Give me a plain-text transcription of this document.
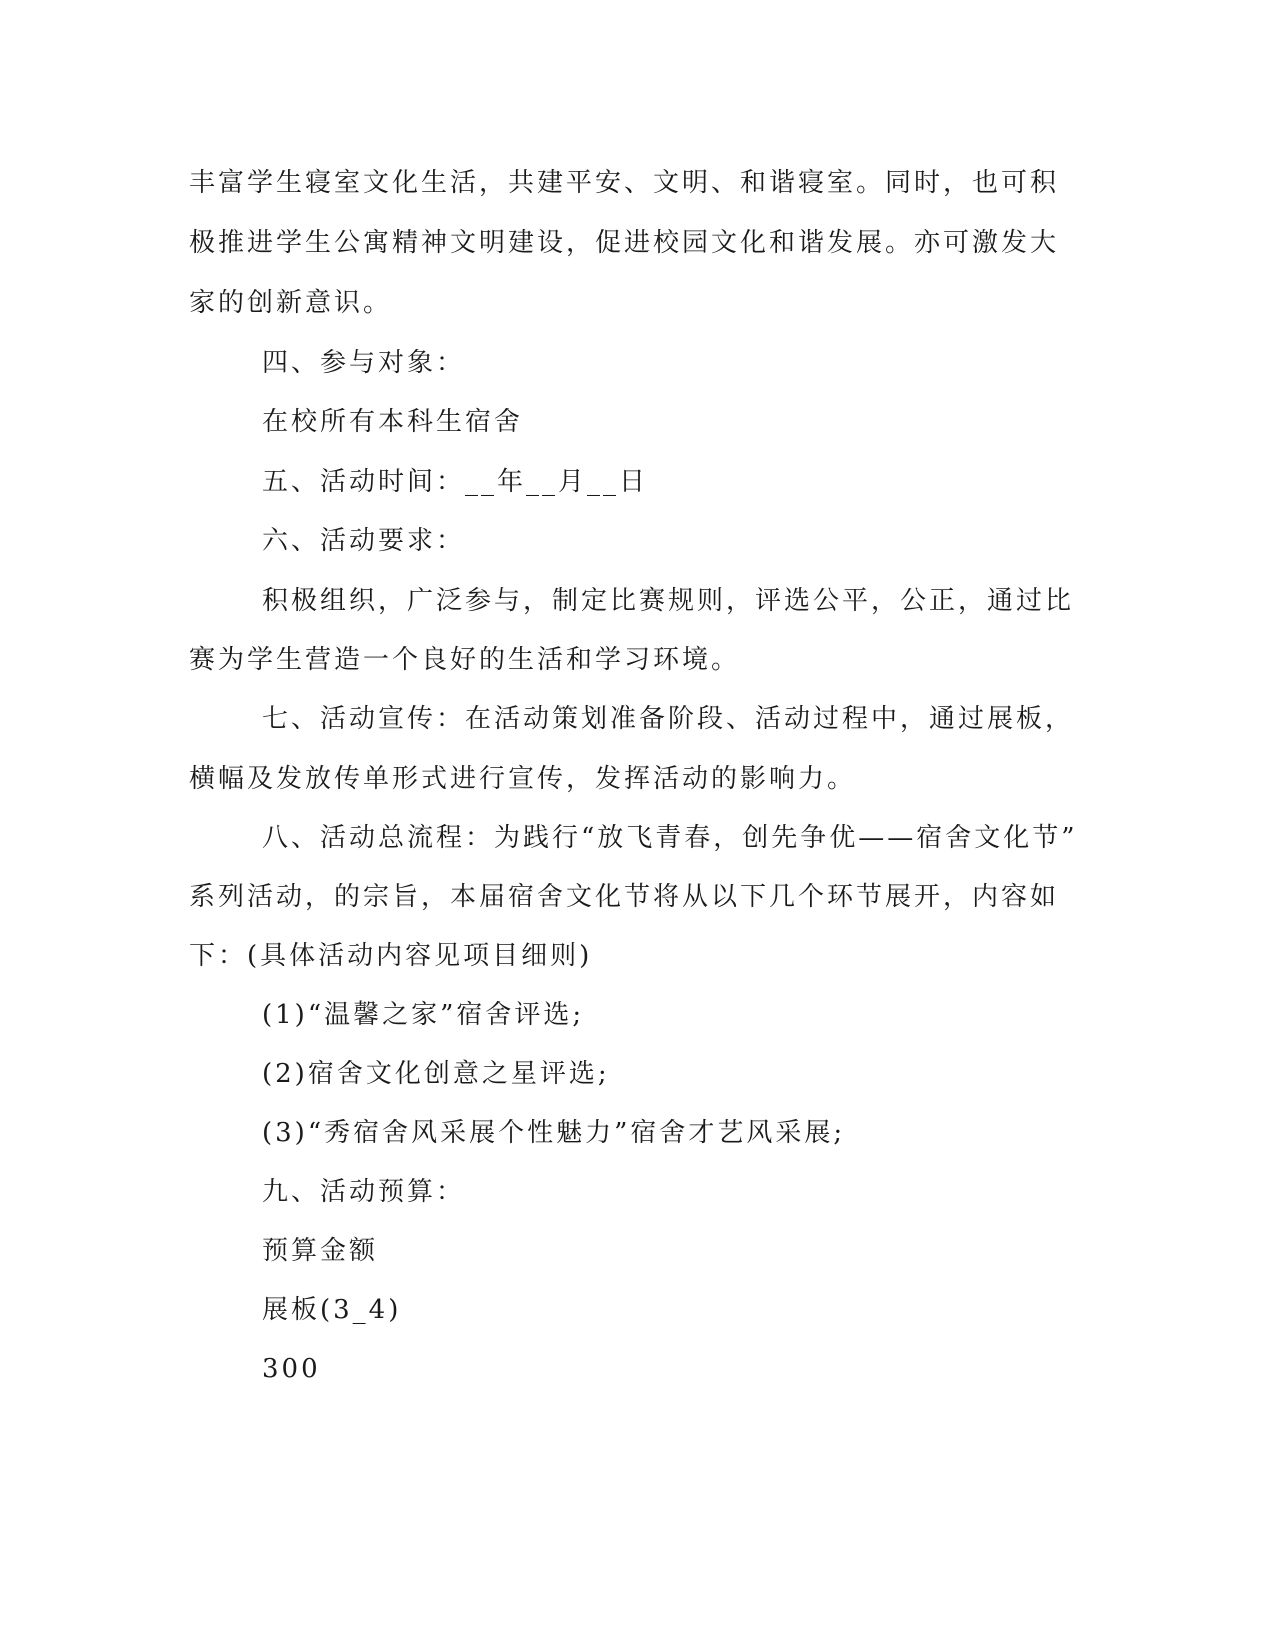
丰富学生寝室文化生活，共建平安、文明、和谐寝室。同时，也可积
极推进学生公寓精神文明建设，促进校园文化和谐发展。亦可激发大
家的创新意识。
四、参与对象：
在校所有本科生宿舍
五、活动时间：__年__月__日
六、活动要求：
积极组织，广泛参与，制定比赛规则，评选公平，公正，通过比
赛为学生营造一个良好的生活和学习环境。
七、活动宣传：在活动策划准备阶段、活动过程中，通过展板，
横幅及发放传单形式进行宣传，发挥活动的影响力。
八、活动总流程：为践行“放飞青春，创先争优——宿舍文化节”
系列活动，的宗旨，本届宿舍文化节将从以下几个环节展开，内容如
下：(具体活动内容见项目细则)
(1)“温馨之家”宿舍评选;
(2)宿舍文化创意之星评选;
(3)“秀宿舍风采展个性魅力”宿舍才艺风采展;
九、活动预算：
预算金额
展板(3_4)
300
